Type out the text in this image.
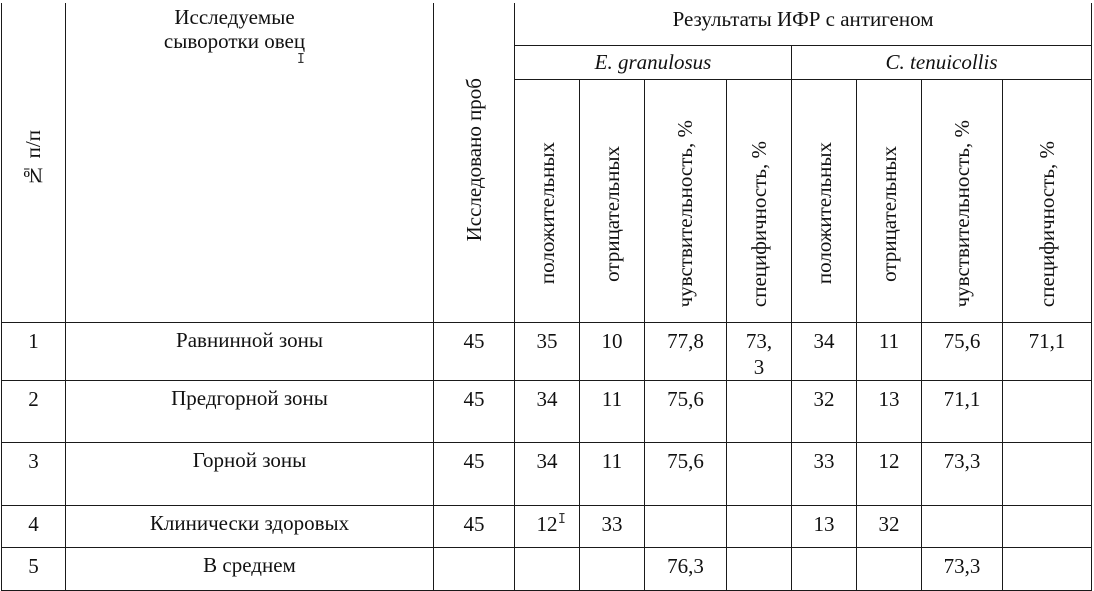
№ п/п	Исследуемые сыворотки овец	Исследовано проб	Результаты ИФР с антигеном							
			E. granulosus				C. tenuicollis			
			положительных	отрицательных	чувствительность, %	специфичность, %	положительных	отрицательных	чувствительность, %	специфичность, %
1	Равнинной зоны	45	35	10	77,8	73,3	34	11	75,6	71,1
2	Предгорной зоны	45	34	11	75,6		32	13	71,1	
3	Горной зоны	45	34	11	75,6		33	12	73,3	
4	Клинически здоровых	45	12	33			13	32		
5	В среднем				76,3				73,3	
I
I
